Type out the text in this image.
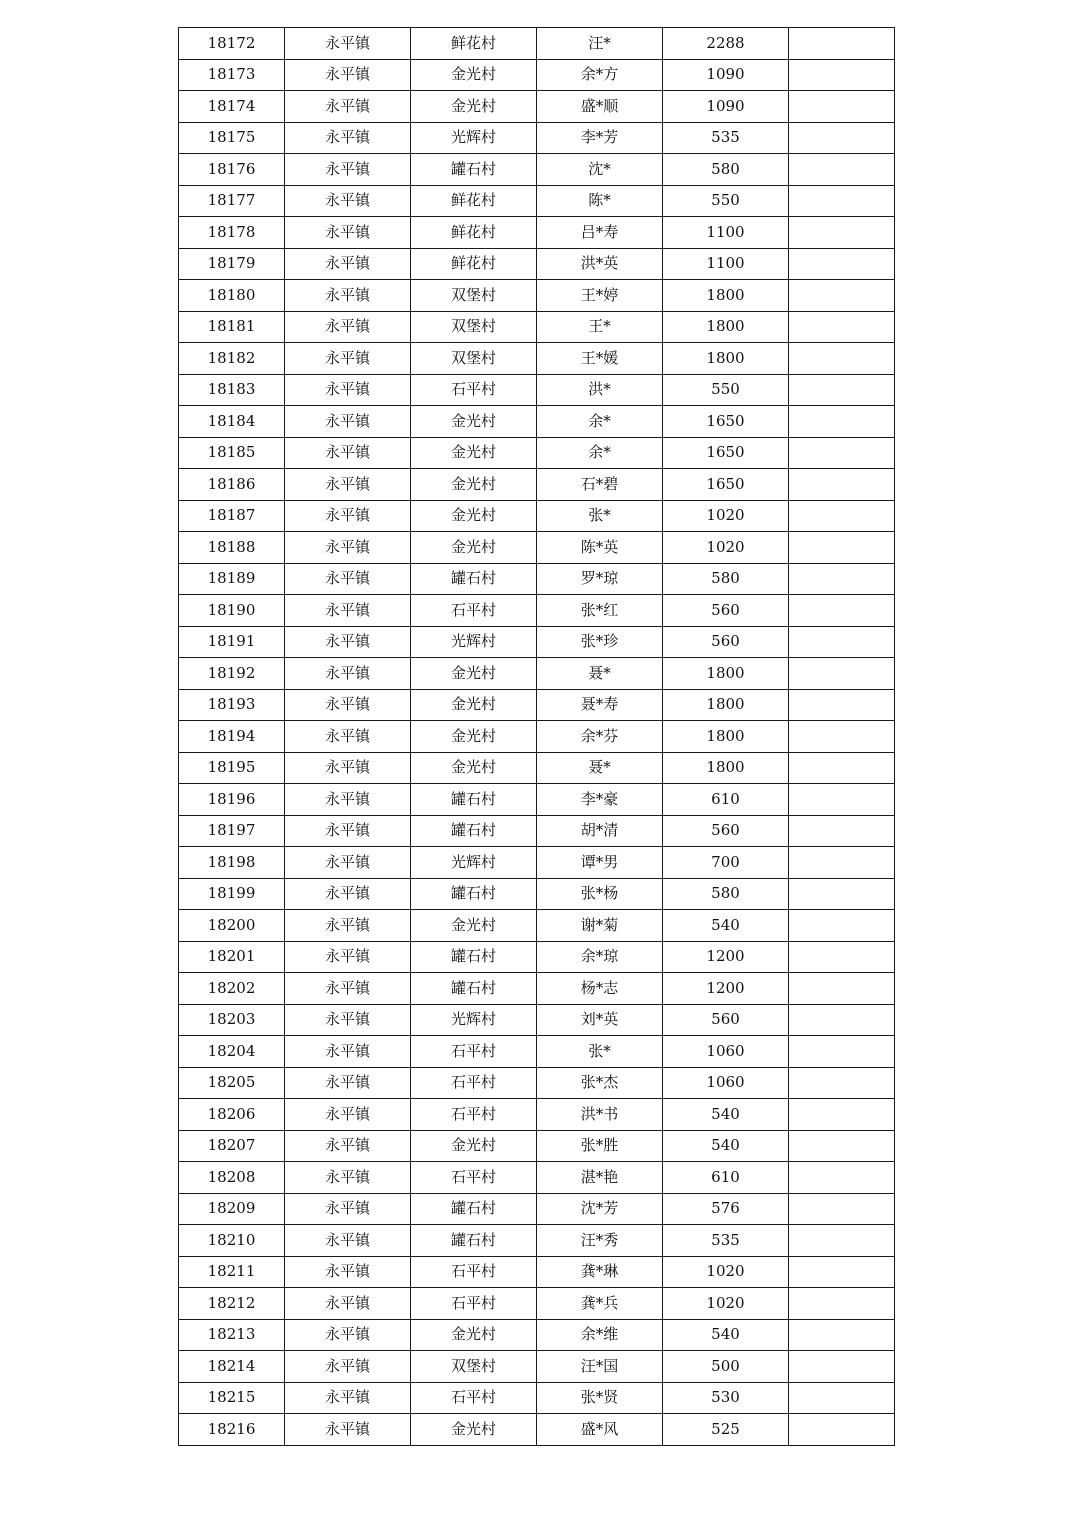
18172	永平镇	鲜花村	汪*	2288	
18173	永平镇	金光村	余*方	1090	
18174	永平镇	金光村	盛*顺	1090	
18175	永平镇	光辉村	李*芳	535	
18176	永平镇	罐石村	沈*	580	
18177	永平镇	鲜花村	陈*	550	
18178	永平镇	鲜花村	吕*寿	1100	
18179	永平镇	鲜花村	洪*英	1100	
18180	永平镇	双堡村	王*婷	1800	
18181	永平镇	双堡村	王*	1800	
18182	永平镇	双堡村	王*媛	1800	
18183	永平镇	石平村	洪*	550	
18184	永平镇	金光村	余*	1650	
18185	永平镇	金光村	余*	1650	
18186	永平镇	金光村	石*碧	1650	
18187	永平镇	金光村	张*	1020	
18188	永平镇	金光村	陈*英	1020	
18189	永平镇	罐石村	罗*琼	580	
18190	永平镇	石平村	张*红	560	
18191	永平镇	光辉村	张*珍	560	
18192	永平镇	金光村	聂*	1800	
18193	永平镇	金光村	聂*寿	1800	
18194	永平镇	金光村	余*芬	1800	
18195	永平镇	金光村	聂*	1800	
18196	永平镇	罐石村	李*豪	610	
18197	永平镇	罐石村	胡*清	560	
18198	永平镇	光辉村	谭*男	700	
18199	永平镇	罐石村	张*杨	580	
18200	永平镇	金光村	谢*菊	540	
18201	永平镇	罐石村	余*琼	1200	
18202	永平镇	罐石村	杨*志	1200	
18203	永平镇	光辉村	刘*英	560	
18204	永平镇	石平村	张*	1060	
18205	永平镇	石平村	张*杰	1060	
18206	永平镇	石平村	洪*书	540	
18207	永平镇	金光村	张*胜	540	
18208	永平镇	石平村	湛*艳	610	
18209	永平镇	罐石村	沈*芳	576	
18210	永平镇	罐石村	汪*秀	535	
18211	永平镇	石平村	龚*琳	1020	
18212	永平镇	石平村	龚*兵	1020	
18213	永平镇	金光村	余*维	540	
18214	永平镇	双堡村	汪*国	500	
18215	永平镇	石平村	张*贤	530	
18216	永平镇	金光村	盛*风	525	
